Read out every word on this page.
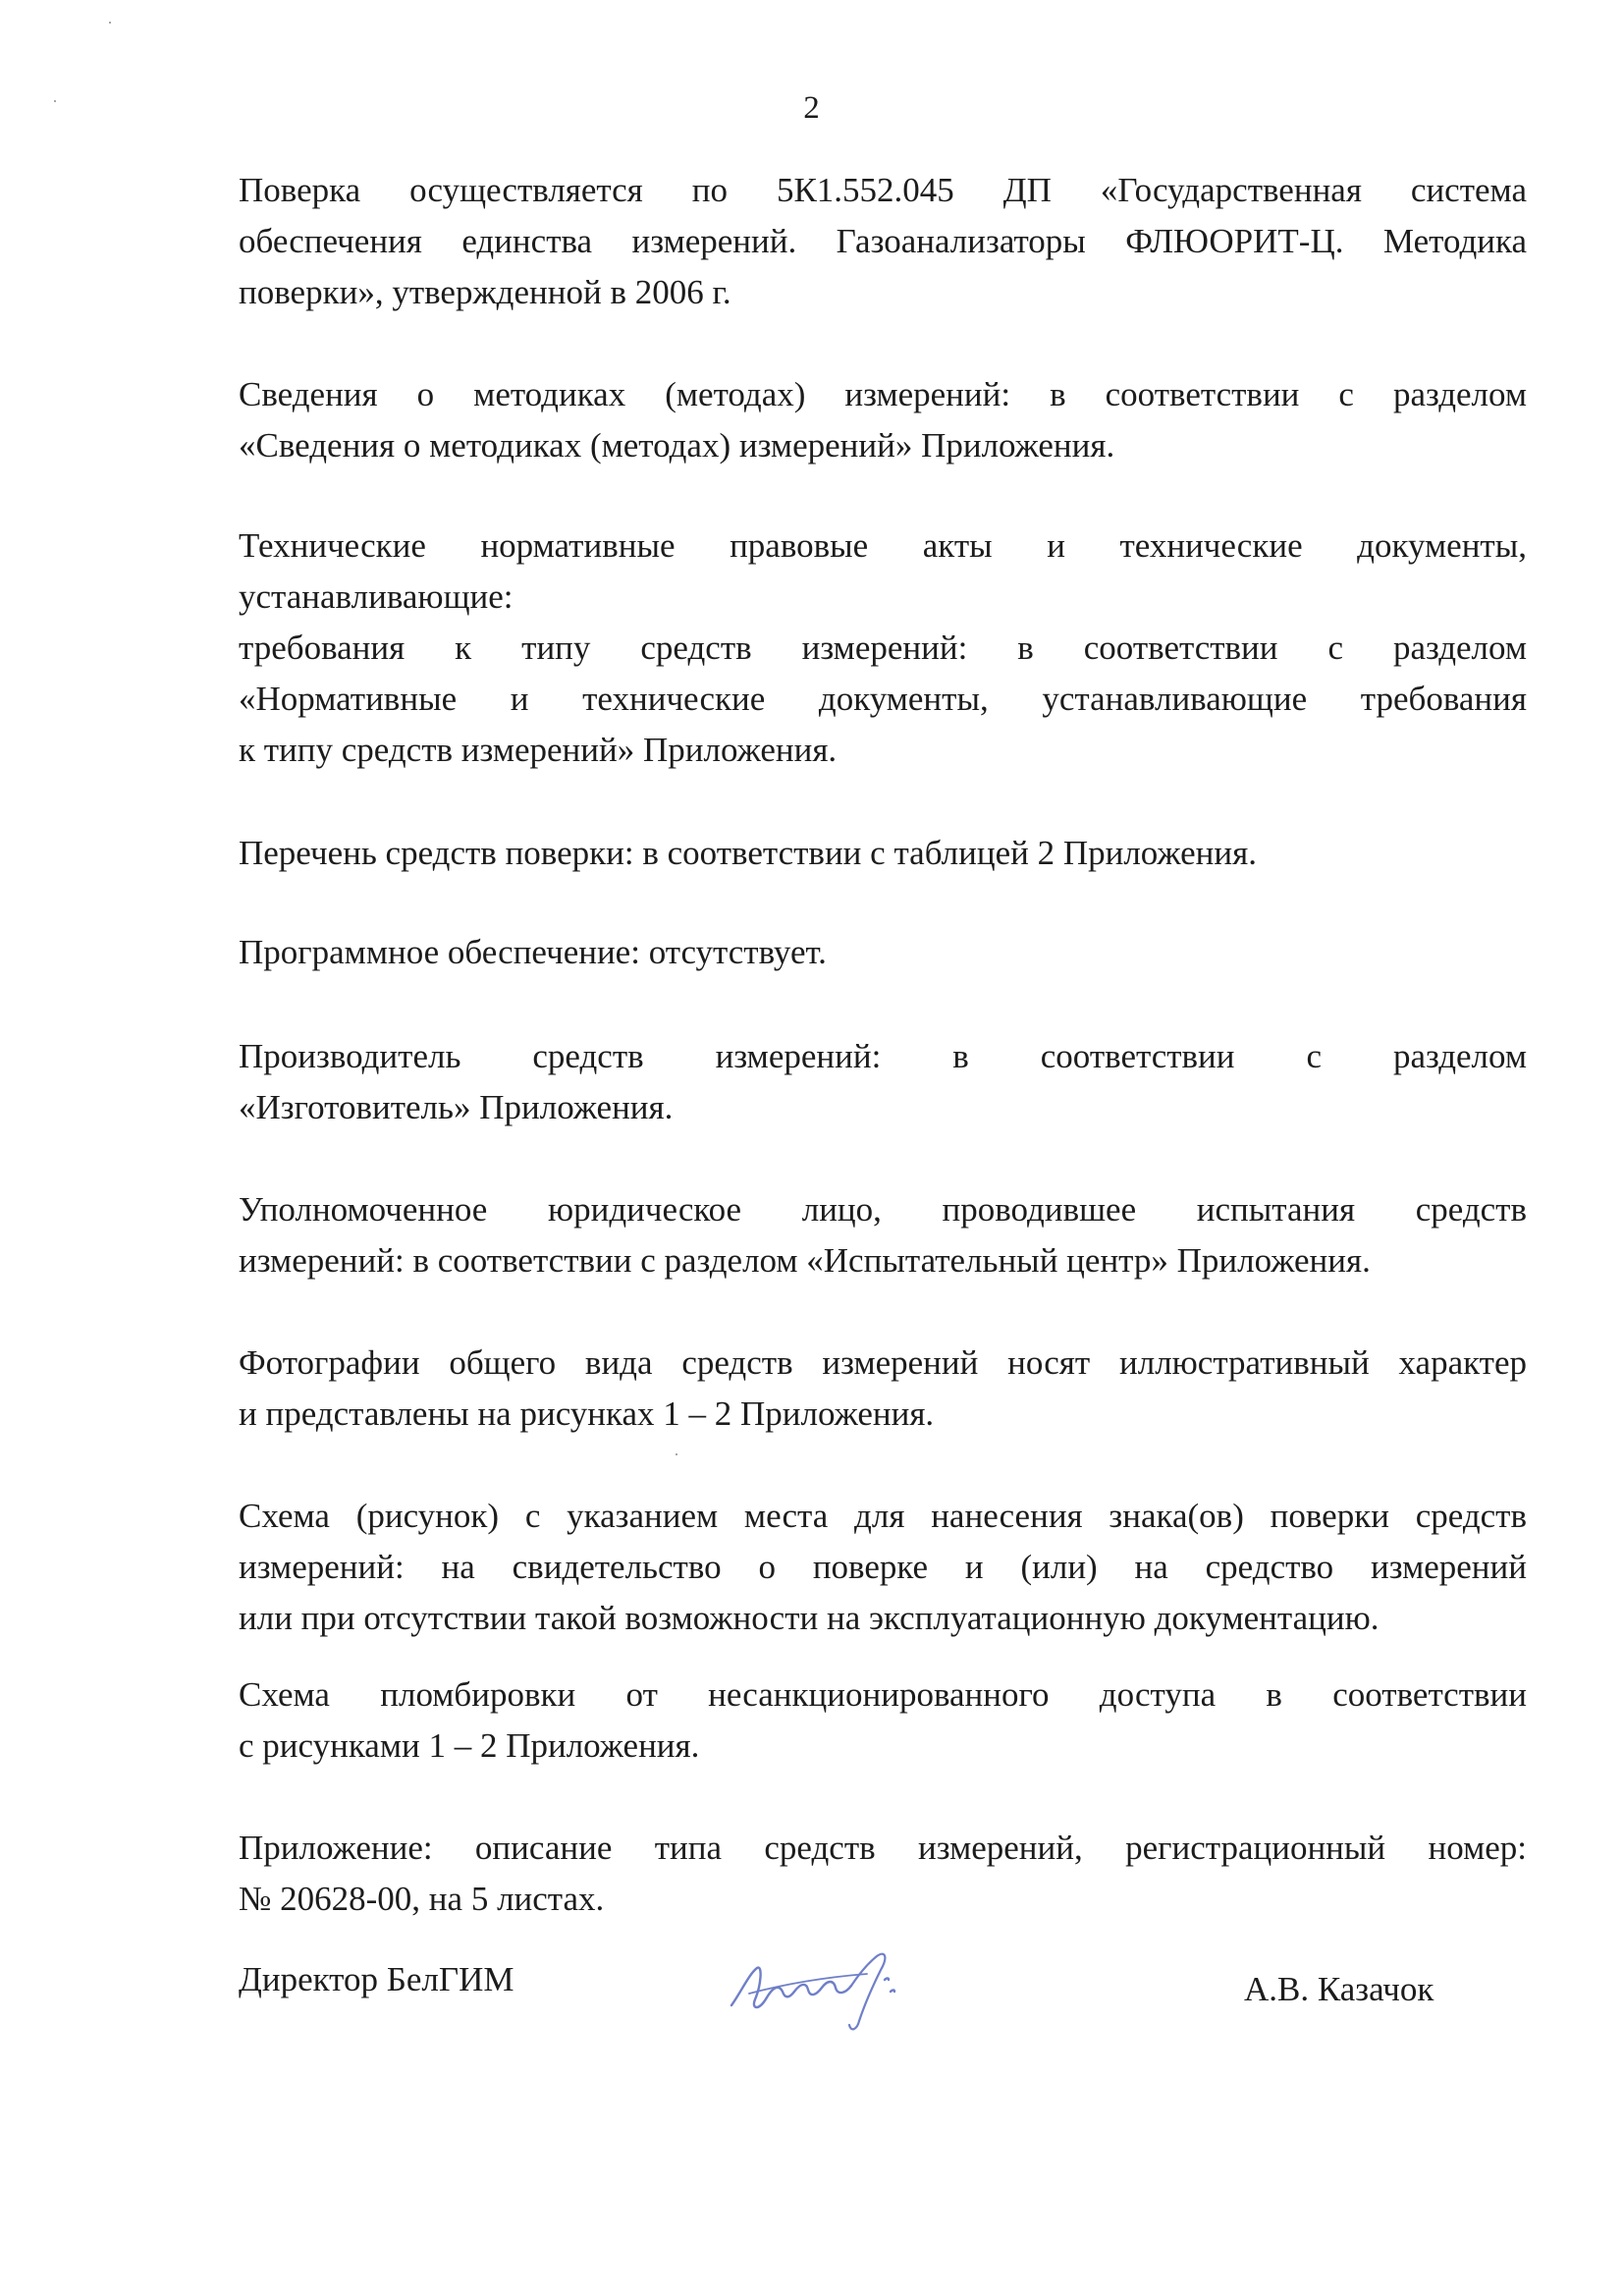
2
Поверка осуществляется по 5К1.552.045 ДП «Государственная система
обеспечения единства измерений. Газоанализаторы ФЛЮОРИТ-Ц. Методика
поверки», утвержденной в 2006 г.
Сведения о методиках (методах) измерений: в соответствии с разделом
«Сведения о методиках (методах) измерений» Приложения.
Технические нормативные правовые акты и технические документы,
устанавливающие:
требования к типу средств измерений: в соответствии с разделом
«Нормативные и технические документы, устанавливающие требования
к типу средств измерений» Приложения.
Перечень средств поверки: в соответствии с таблицей 2 Приложения.
Программное обеспечение: отсутствует.
Производитель средств измерений: в соответствии с разделом
«Изготовитель» Приложения.
Уполномоченное юридическое лицо, проводившее испытания средств
измерений: в соответствии с разделом «Испытательный центр» Приложения.
Фотографии общего вида средств измерений носят иллюстративный характер
и представлены на рисунках 1 – 2 Приложения.
Схема (рисунок) с указанием места для нанесения знака(ов) поверки средств
измерений: на свидетельство о поверке и (или) на средство измерений
или при отсутствии такой возможности на эксплуатационную документацию.
Схема пломбировки от несанкционированного доступа в соответствии
с рисунками 1 – 2 Приложения.
Приложение: описание типа средств измерений, регистрационный номер:
№ 20628-00, на 5 листах.
Директор БелГИМ	А.В. Казачок
